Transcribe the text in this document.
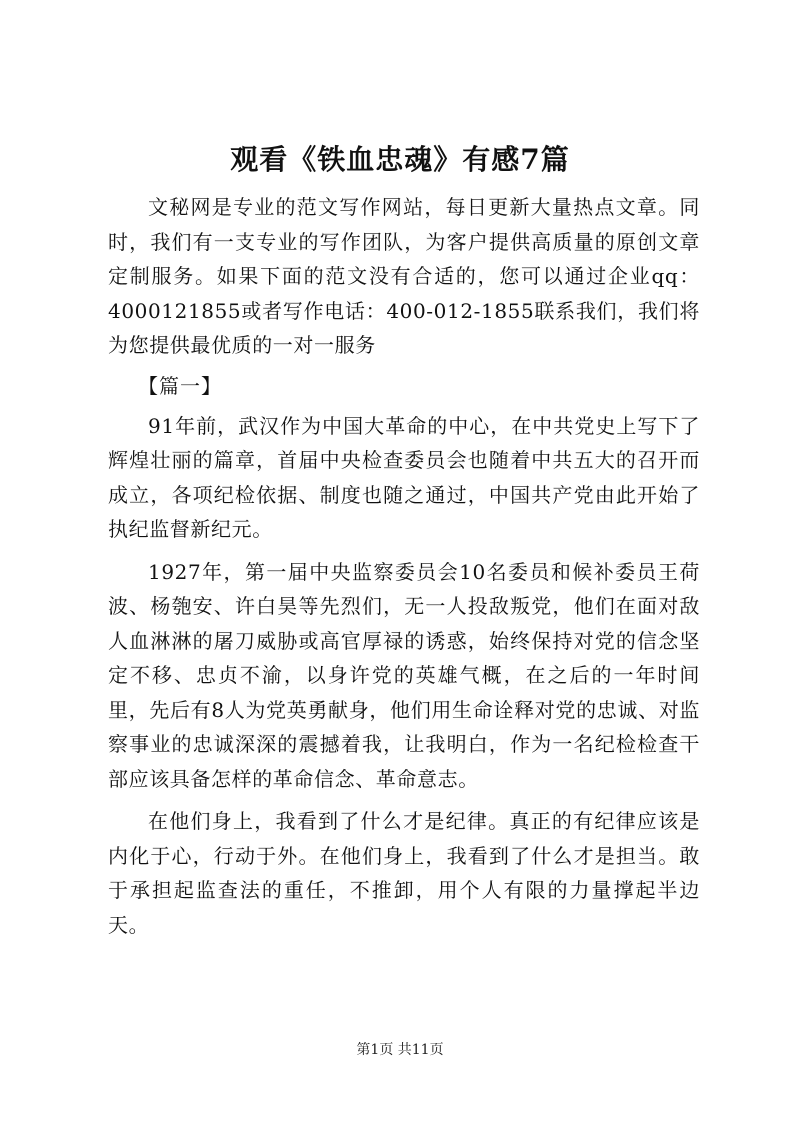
观看《铁血忠魂》有感7篇

文秘网是专业的范文写作网站，每日更新大量热点文章。同时，我们有一支专业的写作团队，为客户提供高质量的原创文章定制服务。如果下面的范文没有合适的，您可以通过企业qq：4000121855或者写作电话：400-012-1855联系我们，我们将为您提供最优质的一对一服务

【篇一】

91年前，武汉作为中国大革命的中心，在中共党史上写下了辉煌壮丽的篇章，首届中央检查委员会也随着中共五大的召开而成立，各项纪检依据、制度也随之通过，中国共产党由此开始了执纪监督新纪元。

1927年，第一届中央监察委员会10名委员和候补委员王荷波、杨匏安、许白昊等先烈们，无一人投敌叛党，他们在面对敌人血淋淋的屠刀威胁或高官厚禄的诱惑，始终保持对党的信念坚定不移、忠贞不渝，以身许党的英雄气概，在之后的一年时间里，先后有8人为党英勇献身，他们用生命诠释对党的忠诚、对监察事业的忠诚深深的震撼着我，让我明白，作为一名纪检检查干部应该具备怎样的革命信念、革命意志。

在他们身上，我看到了什么才是纪律。真正的有纪律应该是内化于心，行动于外。在他们身上，我看到了什么才是担当。敢于承担起监查法的重任，不推卸，用个人有限的力量撑起半边天。

第1页 共11页
